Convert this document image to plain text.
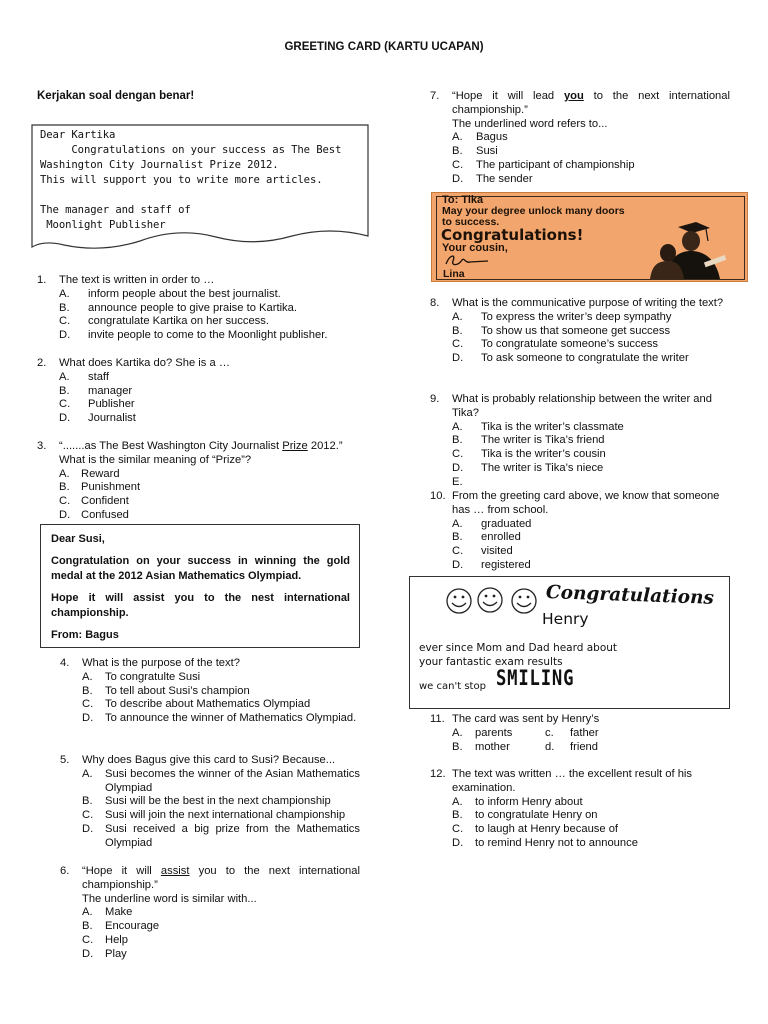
GREETING CARD (KARTU UCAPAN)
Kerjakan soal dengan benar!
Dear Kartika
Congratulations on your success as The Best
Washington City Journalist Prize 2012.
This will support you to write more articles.

The manager and staff of
Moonlight Publisher
1.	The text is written in order to …
A.	inform people about the best journalist.
B.	announce people to give praise to Kartika.
C.	congratulate Kartika on her success.
D.	invite people to come to the Moonlight publisher.
2.	What does Kartika do? She is a …
A.	staff
B.	manager
C.	Publisher
D.	Journalist
3.	“.......as The Best Washington City Journalist Prize 2012.”
What is the similar meaning of “Prize”?
A.	Reward
B.	Punishment
C. Confident
D. Confused

Dear Susi,

Congratulation on your success in winning the gold medal at the 2012 Asian Mathematics Olympiad.

Hope it will assist you to the nest international championship.

From: Bagus

4.	What is the purpose of the text?
A.	To congratulte Susi
B.	To tell about Susi’s champion
C.	To describe about Mathematics Olympiad
D.	To announce the winner of Mathematics Olympiad.
5.	Why does Bagus give this card to Susi? Because...
A.	Susi becomes the winner of the Asian Mathematics Olympiad
B.	Susi will be the best in the next championship
C.	Susi will join the next international championship
D.	Susi received a big prize from the Mathematics Olympiad
6.	“Hope it will assist you to the next international championship.”
The underline word is similar with...
A.	Make
B.	Encourage
C.	Help
D.	Play
7.	“Hope it will lead you to the next international championship.”
The underlined word refers to...
A.	Bagus
B.	Susi
C.	The participant of championship
D.	The sender
To: Tika
May your degree unlock many doors
to success.
Congratulations!
Your cousin,
Lina
8.	What is the communicative purpose of writing the text?
A.	To express the writer’s deep sympathy
B.	To show us that someone get success
C.	To congratulate someone’s success
D.	To ask someone to congratulate the writer
9.	What is probably relationship between the writer and Tika?
A.	Tika is the writer’s classmate
B.	The writer is Tika’s friend
C.	Tika is the writer’s cousin
D.	The writer is Tika’s niece
E.

10. From the greeting card above, we know that someone has … from school.
A.	graduated
B.	enrolled
C.	visited
D.	registered
Congratulations
Henry
ever since Mom and Dad heard about
your fantastic exam results
we can't stop SMILING
11. The card was sent by Henry’s
A.	parents	c. father
B.	mother	d. friend
12. The text was written … the excellent result of his examination.
A.	to inform Henry about
B.	to congratulate Henry on
C.	to laugh at Henry because of
D.	to remind Henry not to announce
